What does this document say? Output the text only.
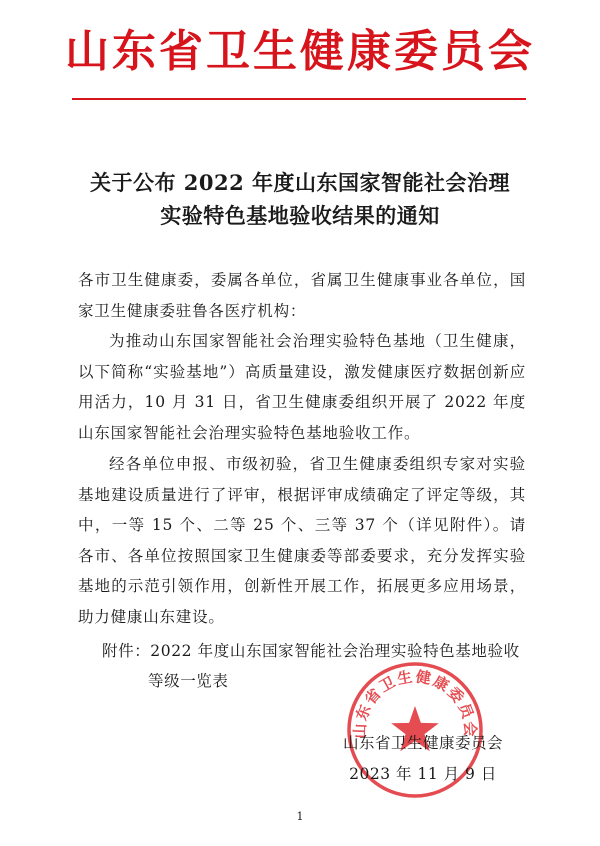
山东省卫生健康委员会
关于公布 2022 年度山东国家智能社会治理
实验特色基地验收结果的通知
各市卫生健康委，委属各单位，省属卫生健康事业各单位，国家卫生健康委驻鲁各医疗机构：
为推动山东国家智能社会治理实验特色基地（卫生健康，以下简称“实验基地”）高质量建设，激发健康医疗数据创新应用活力，10 月 31 日，省卫生健康委组织开展了 2022 年度山东国家智能社会治理实验特色基地验收工作。
经各单位申报、市级初验，省卫生健康委组织专家对实验基地建设质量进行了评审，根据评审成绩确定了评定等级，其中，一等 15 个、二等 25 个、三等 37 个（详见附件）。请各市、各单位按照国家卫生健康委等部委要求，充分发挥实验基地的示范引领作用，创新性开展工作，拓展更多应用场景，助力健康山东建设。
附件：2022 年度山东国家智能社会治理实验特色基地验收
等级一览表
山东省卫生健康委员会
山东省卫生健康委员会
2023 年 11 月 9 日
1
